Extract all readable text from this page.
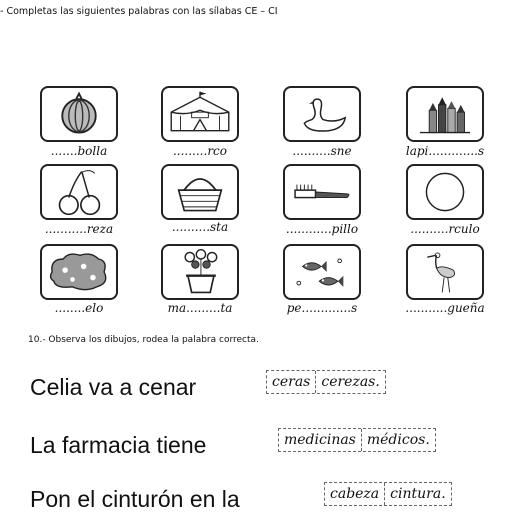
- Completas las siguientes palabras con las sílabas CE – CI
.......bolla	.........rco	..........sne	lapi.............s
...........reza	..........sta	............pillo	..........rculo
........elo	ma.........ta	pe.............s	...........gueña
10.- Observa los dibujos, rodea la palabra correcta.
Celia va a cenar	ceras cerezas.
La farmacia tiene	medicinas médicos.
Pon el cinturón en la	cabeza cintura.
